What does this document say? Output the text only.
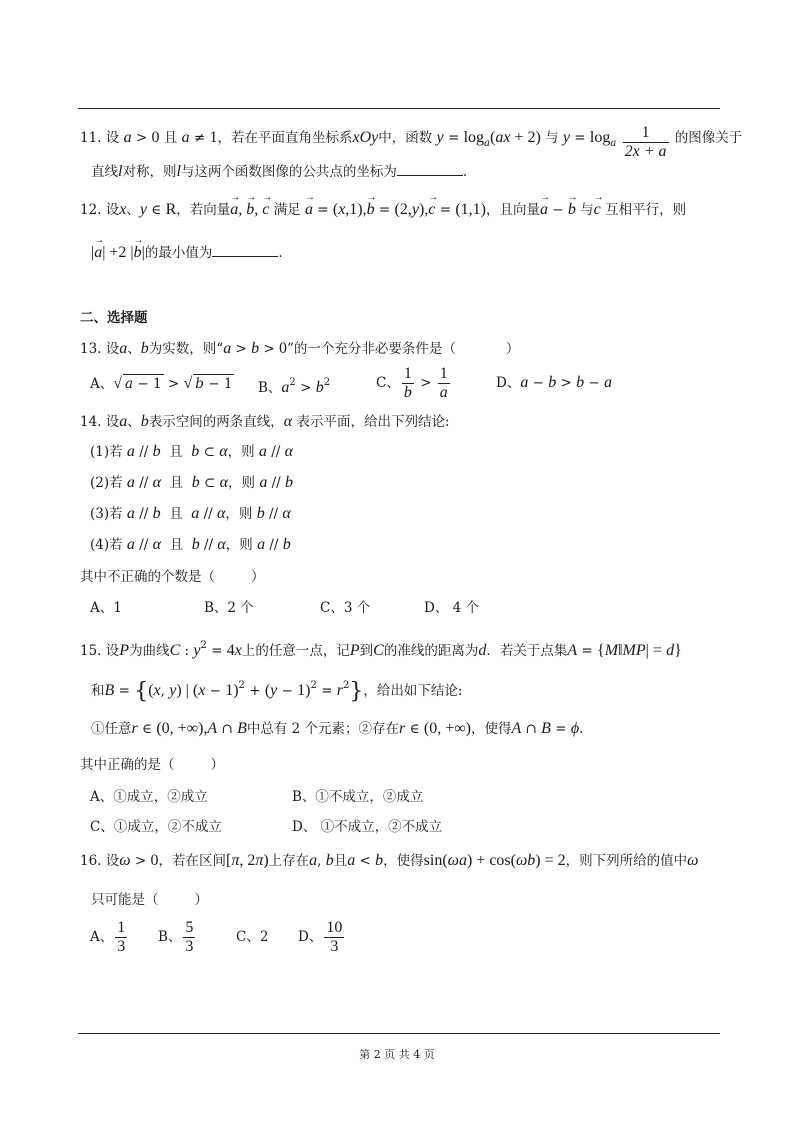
11. 设 a > 0 且 a ≠ 1，若在平面直角坐标系xOy中，函数 $y = \log_a(ax + 2)$ 与 $y = \log_a \frac{1}{2x + a}$ 的图像关于
直线l对称，则l与这两个函数图像的公共点的坐标为	.
12. 设x、y ∈ R，若向量→ a, → b, → c 满足 → a = (x,1),→ b = (2,y),→ c = (1,1)，且向量→ a − → b 与→ c 互相平行，则
|→ a| +2 |→ b|的最小值为	.
二、选择题
13. 设a、b为实数，则“a > b > 0”的一个充分非必要条件是（	）
A、√ a − 1 > √ b − 1 B、$a^2 > b^2$	C、 $\frac{1}{b} > \frac{1}{a}$	D、a − b > b − a
14. 设a、b表示空间的两条直线，α 表示平面，给出下列结论:
(1)若 a // b 且 b ⊂ α，则 a // α
(2)若 a // α 且 b ⊂ α，则 a // b
(3)若 a // b 且 a // α，则 b // α
(4)若 a // α 且 b // α，则 a // b
其中不正确的个数是（	）
A、1	B、2 个	C、3 个	D、 4 个
15. 设P为曲线C : $y^2 = 4x$上的任意一点，记P到C的准线的距离为d．若关于点集A = {M‖MP| = d}
和B = {(x, y) | $(x - 1)^2 + (y - 1)^2 = r^2$}，给出如下结论:
①任意r ∈ (0, +∞),A ∩ B中总有 2 个元素；②存在r ∈ (0, +∞)，使得A ∩ B = ϕ.
其中正确的是（	）
A、①成立，②成立	B、①不成立，②成立
C、①成立，②不成立	D、 ①不成立，②不成立
16. 设ω > 0，若在区间[π, 2π)上存在a, b且a < b，使得sin(ωa) + cos(ωb) = 2，则下列所给的值中ω
只可能是（	）
A、 $\frac{1}{3}$ B、 $\frac{5}{3}$	C、2 D、 $\frac{10}{3}$
第 2 页 共 4 页
